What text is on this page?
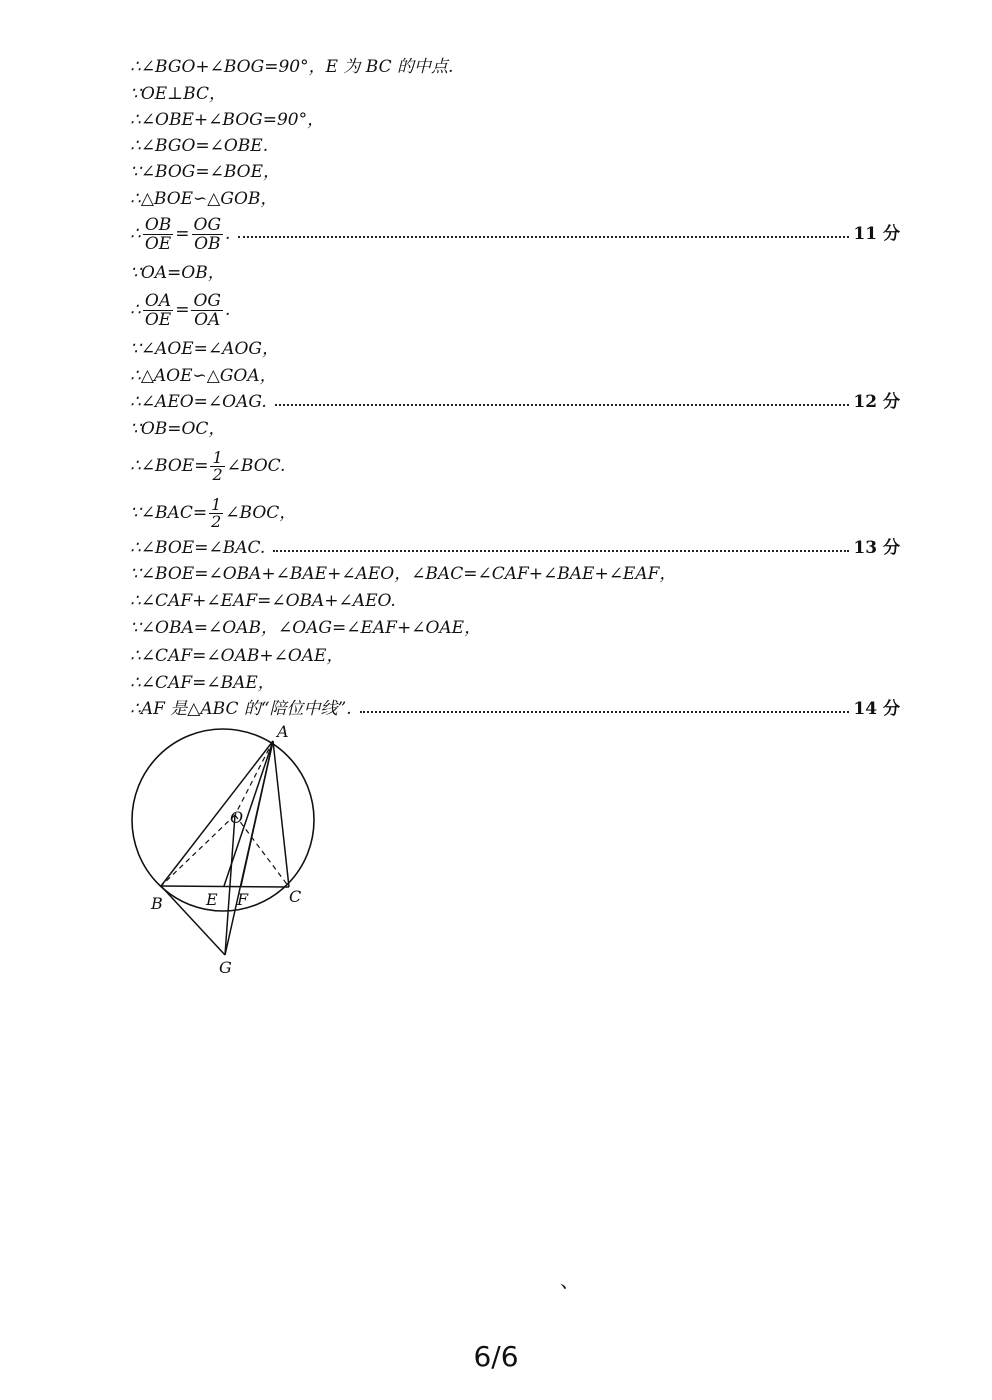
∴∠BGO+∠BOG=90°，E 为 BC 的中点.
∵OE⊥BC，
∴∠OBE+∠BOG=90°，
∴∠BGO=∠OBE.
∵∠BOG=∠BOE，
∴△BOE∽△GOB，
∴ $\frac{OB}{OE} = \frac{OG}{OB}$ .	11 分
∵OA=OB，
∴ $\frac{OA}{OE} = \frac{OG}{OA}$ .
∵∠AOE=∠AOG，
∴△AOE∽△GOA，
∴∠AEO=∠OAG.	12 分
∵OB=OC，
∴∠BOE= $\frac{1}{2}$ ∠BOC.
∵∠BAC= $\frac{1}{2}$ ∠BOC，
∴∠BOE=∠BAC.	13 分
∵∠BOE=∠OBA+∠BAE+∠AEO，∠BAC=∠CAF+∠BAE+∠EAF，
∴∠CAF+∠EAF=∠OBA+∠AEO.
∵∠OBA=∠OAB，∠OAG=∠EAF+∠OAE，
∴∠CAF=∠OAB+∠OAE，
∴∠CAF=∠BAE，
∴AF 是△ABC 的“陪位中线”.	14 分
A
O
B	E F	C
G
、
6/6
